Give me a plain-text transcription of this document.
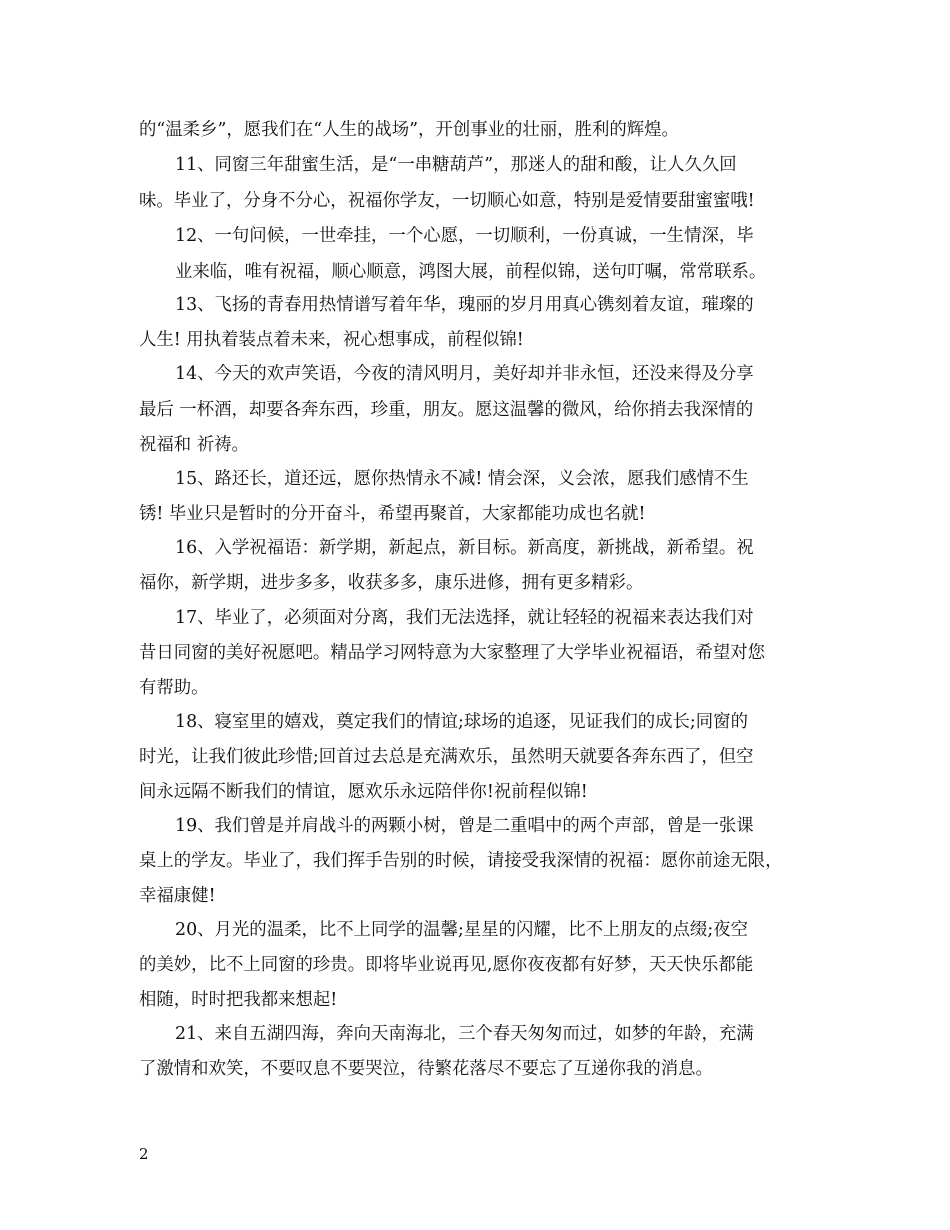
的“温柔乡”，愿我们在“人生的战场”，开创事业的壮丽，胜利的辉煌。
11、同窗三年甜蜜生活，是“一串糖葫芦”，那迷人的甜和酸，让人久久回
味。毕业了，分身不分心，祝福你学友，一切顺心如意，特别是爱情要甜蜜蜜哦!
12、一句问候，一世牵挂，一个心愿，一切顺利，一份真诚，一生情深，毕
业来临，唯有祝福，顺心顺意，鸿图大展，前程似锦，送句叮嘱，常常联系。
13、飞扬的青春用热情谱写着年华，瑰丽的岁月用真心镌刻着友谊，璀璨的
人生! 用执着装点着未来，祝心想事成，前程似锦!
14、今天的欢声笑语，今夜的清风明月，美好却并非永恒，还没来得及分享
最后 一杯酒，却要各奔东西，珍重，朋友。愿这温馨的微风，给你捎去我深情的
祝福和 祈祷。
15、路还长，道还远，愿你热情永不减! 情会深，义会浓，愿我们感情不生
锈! 毕业只是暂时的分开奋斗，希望再聚首，大家都能功成也名就!
16、入学祝福语：新学期，新起点，新目标。新高度，新挑战，新希望。祝
福你，新学期，进步多多，收获多多，康乐进修，拥有更多精彩。
17、毕业了，必须面对分离，我们无法选择，就让轻轻的祝福来表达我们对
昔日同窗的美好祝愿吧。精品学习网特意为大家整理了大学毕业祝福语，希望对您
有帮助。
18、寝室里的嬉戏，奠定我们的情谊;球场的追逐，见证我们的成长;同窗的
时光，让我们彼此珍惜;回首过去总是充满欢乐，虽然明天就要各奔东西了，但空
间永远隔不断我们的情谊，愿欢乐永远陪伴你!祝前程似锦!
19、我们曾是并肩战斗的两颗小树，曾是二重唱中的两个声部，曾是一张课
桌上的学友。毕业了，我们挥手告别的时候，请接受我深情的祝福：愿你前途无限，
幸福康健!
20、月光的温柔，比不上同学的温馨;星星的闪耀，比不上朋友的点缀;夜空
的美妙，比不上同窗的珍贵。即将毕业说再见,愿你夜夜都有好梦，天天快乐都能
相随，时时把我都来想起!
21、来自五湖四海，奔向天南海北，三个春天匆匆而过，如梦的年龄，充满
了激情和欢笑，不要叹息不要哭泣，待繁花落尽不要忘了互递你我的消息。
2
